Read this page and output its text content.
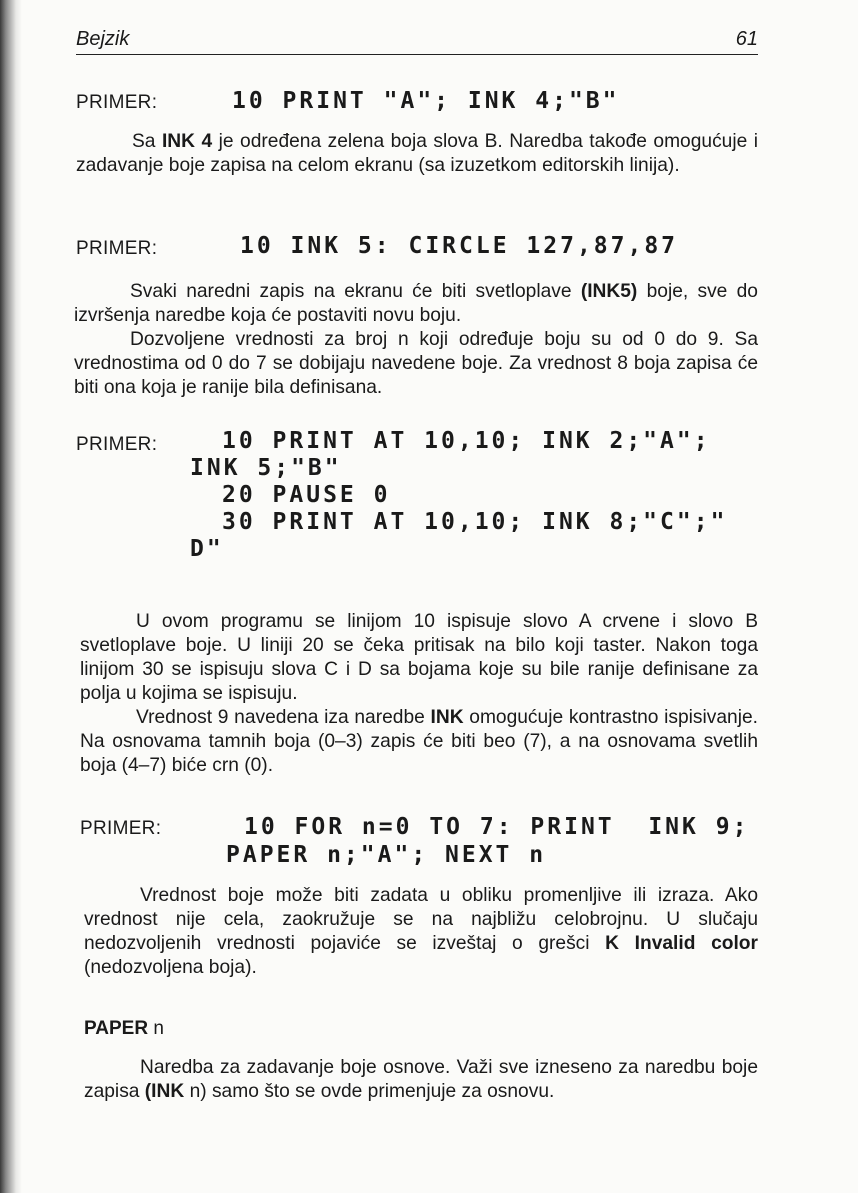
Bejzik	61
PRIMER:	10 PRINT "A"; INK 4;"B"

Sa INK 4 je određena zelena boja slova B. Naredba takođe omogućuje i zadavanje boje zapisa na celom ekranu (sa izuzetkom editorskih linija).

PRIMER:	10 INK 5: CIRCLE 127,87,87

Svaki naredni zapis na ekranu će biti svetloplave (INK5) boje, sve do izvršenja naredbe koja će postaviti novu boju.

Dozvoljene vrednosti za broj n koji određuje boju su od 0 do 9. Sa vrednostima od 0 do 7 se dobijaju navedene boje. Za vrednost 8 boja zapisa će biti ona koja je ranije bila definisana.

PRIMER:	10 PRINT AT 10,10; INK 2;"A";
INK 5;"B"
20 PAUSE 0
30 PRINT AT 10,10; INK 8;"C";"
D"

U ovom programu se linijom 10 ispisuje slovo A crvene i slovo B svetloplave boje. U liniji 20 se čeka pritisak na bilo koji taster. Nakon toga linijom 30 se ispisuju slova C i D sa bojama koje su bile ranije definisane za polja u kojima se ispisuju.

Vrednost 9 navedena iza naredbe INK omogućuje kontrastno ispisivanje. Na osnovama tamnih boja (0–3) zapis će biti beo (7), a na osnovama svetlih boja (4–7) biće crn (0).

PRIMER:	10 FOR n=0 TO 7: PRINT  INK 9;
PAPER n;"A"; NEXT n

Vrednost boje može biti zadata u obliku promenljive ili izraza. Ako vrednost nije cela, zaokružuje se na najbližu celobrojnu. U slučaju nedozvoljenih vrednosti pojaviće se izveštaj o grešci K Invalid color (nedozvoljena boja).

PAPER n

Naredba za zadavanje boje osnove. Važi sve izneseno za naredbu boje zapisa (INK n) samo što se ovde primenjuje za osnovu.
